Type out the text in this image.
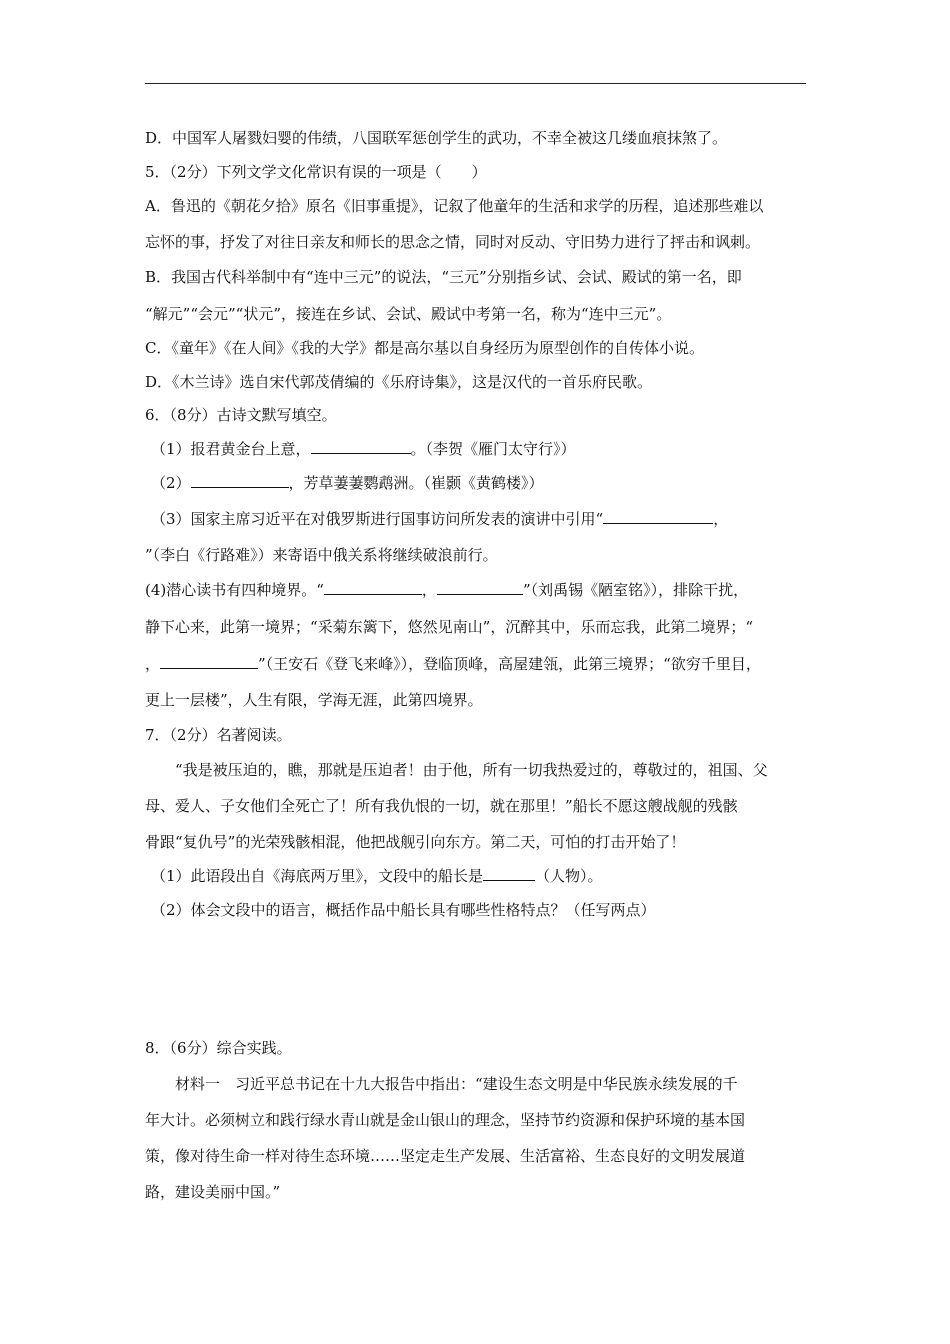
D．中国军人屠戮妇婴的伟绩，八国联军惩创学生的武功，不幸全被这几缕血痕抹煞了。
5．（2分）下列文学文化常识有误的一项是（　　）
A．鲁迅的《朝花夕拾》原名《旧事重提》，记叙了他童年的生活和求学的历程，追述那些难以
忘怀的事，抒发了对往日亲友和师长的思念之情，同时对反动、守旧势力进行了抨击和讽刺。
B．我国古代科举制中有“连中三元”的说法，“三元”分别指乡试、会试、殿试的第一名，即
“解元”“会元”“状元”，接连在乡试、会试、殿试中考第一名，称为“连中三元”。
C．《童年》《在人间》《我的大学》都是高尔基以自身经历为原型创作的自传体小说。
D．《木兰诗》选自宋代郭茂倩编的《乐府诗集》，这是汉代的一首乐府民歌。
6．（8分）古诗文默写填空。
（1）报君黄金台上意，	。（李贺《雁门太守行》）
（2）	，芳草萋萋鹦鹉洲。（崔颢《黄鹤楼》）
（3）国家主席习近平在对俄罗斯进行国事访问所发表的演讲中引用“	，
”（李白《行路难》）来寄语中俄关系将继续破浪前行。
(4)潜心读书有四种境界。“	，	”（刘禹锡《陋室铭》），排除干扰，
静下心来，此第一境界；“采菊东篱下，悠然见南山”，沉醉其中，乐而忘我，此第二境界；“
，	”（王安石《登飞来峰》），登临顶峰，高屋建瓴，此第三境界；“欲穷千里目，
更上一层楼”，人生有限，学海无涯，此第四境界。
7．（2分）名著阅读。
“我是被压迫的，瞧，那就是压迫者！由于他，所有一切我热爱过的，尊敬过的，祖国、父
母、爱人、子女他们全死亡了！所有我仇恨的一切，就在那里！”船长不愿这艘战舰的残骸
骨跟“复仇号”的光荣残骸相混，他把战舰引向东方。第二天，可怕的打击开始了！
（1）此语段出自《海底两万里》，文段中的船长是	（人物）。
（2）体会文段中的语言，概括作品中船长具有哪些性格特点？（任写两点）
8．（6分）综合实践。
材料一　习近平总书记在十九大报告中指出：“建设生态文明是中华民族永续发展的千
年大计。必须树立和践行绿水青山就是金山银山的理念，坚持节约资源和保护环境的基本国
策，像对待生命一样对待生态环境……坚定走生产发展、生活富裕、生态良好的文明发展道
路，建设美丽中国。”
